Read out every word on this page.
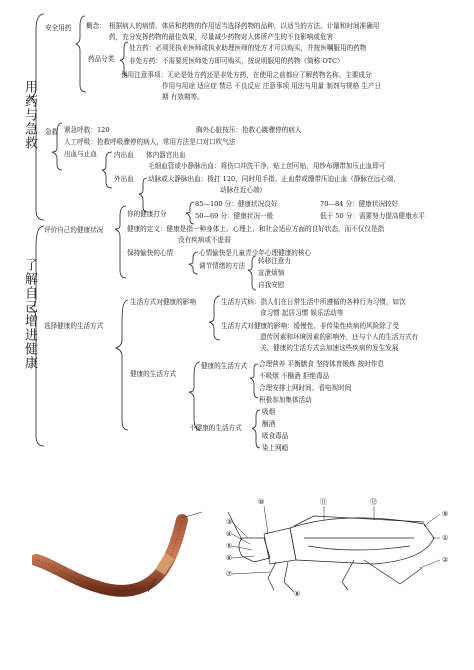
用药与急救
了解自己增进健康
安全用药 概念： 根据病人的病情、体质和药物的作用适当选择药物的品种，以适当的方法、计量和时间准确用
药，充分发挥药物的最佳效果，尽量减少药物对人体所产生的不良影响或危害
药品分类
处方药：必须凭执业医师或执业助理医师的处方才可以购买，并按医嘱服用的药物
非处方药：不需要凭医师处方即可购买，按说明服用的药物（简称 OTC）
使用注意事项：无论是处方药还是非处方药，在使用之前都应了解药物名称、主要成分
作用与用途 适应症 禁忌 不良反应 注意事项 用法与用量 制剂与规格 生产日
期 有效期等。
急救 紧急呼救：120	胸外心脏按压：抢救心跳骤停的病人
人工呼吸：抢救呼吸骤停的病人，常用方法是口对口吹气法
出血与止血	内出血 体内器官出血
毛细血管或小静脉出血：将伤口冲洗干净，贴上创可贴，用纱布绷带加压止血即可
外出血 动脉或大静脉出血：拨打 120，同时用手指、止血带或绷带压迫止血（静脉在远心端，
动脉在近心端）
评价自己的健康状况
你的健康打分
85—100 分：健康状况良好	70—84 分：健康状况较好
50—69 分：健康状况一般	低于 50 分：需要努力提高健康水平
健康的定义：健康是指一种身体上、心理上、和社会适应方面的良好状态，而不仅仅是指
没有疾病或不虚弱
保持愉快的心情	心情愉快是儿童青少年心理健康的核心
调节情绪的方法
转移注意力
宣泄烦恼
自我安慰
选择健康的生活方式
生活方式对健康的影响	生活方式病：指人们在日常生活中所遵循的各种行为习惯，如饮
食习惯 起居习惯 娱乐活动等
生活方式对健康的影响：缓慢性、非传染性疾病的风险除了受
遗传因素和环境因素的影响外，还与个人的生活方式有
关，健康的生活方式会加速这些疾病的发生发展
健康的生活方式
健康的生活方式 合理营养 平衡膳食 坚持体育锻炼 按时作息
不吸烟 不酗酒 拒绝毒品
合理安排上网时间、看电视时间
积极参加集体活动
不健康的生活方式
吸烟
酗酒
吸食毒品
染上网瘾
⑩	⑪	⑫
③
④
⑤
⑥
⑦
⑧
⑨
①
②
